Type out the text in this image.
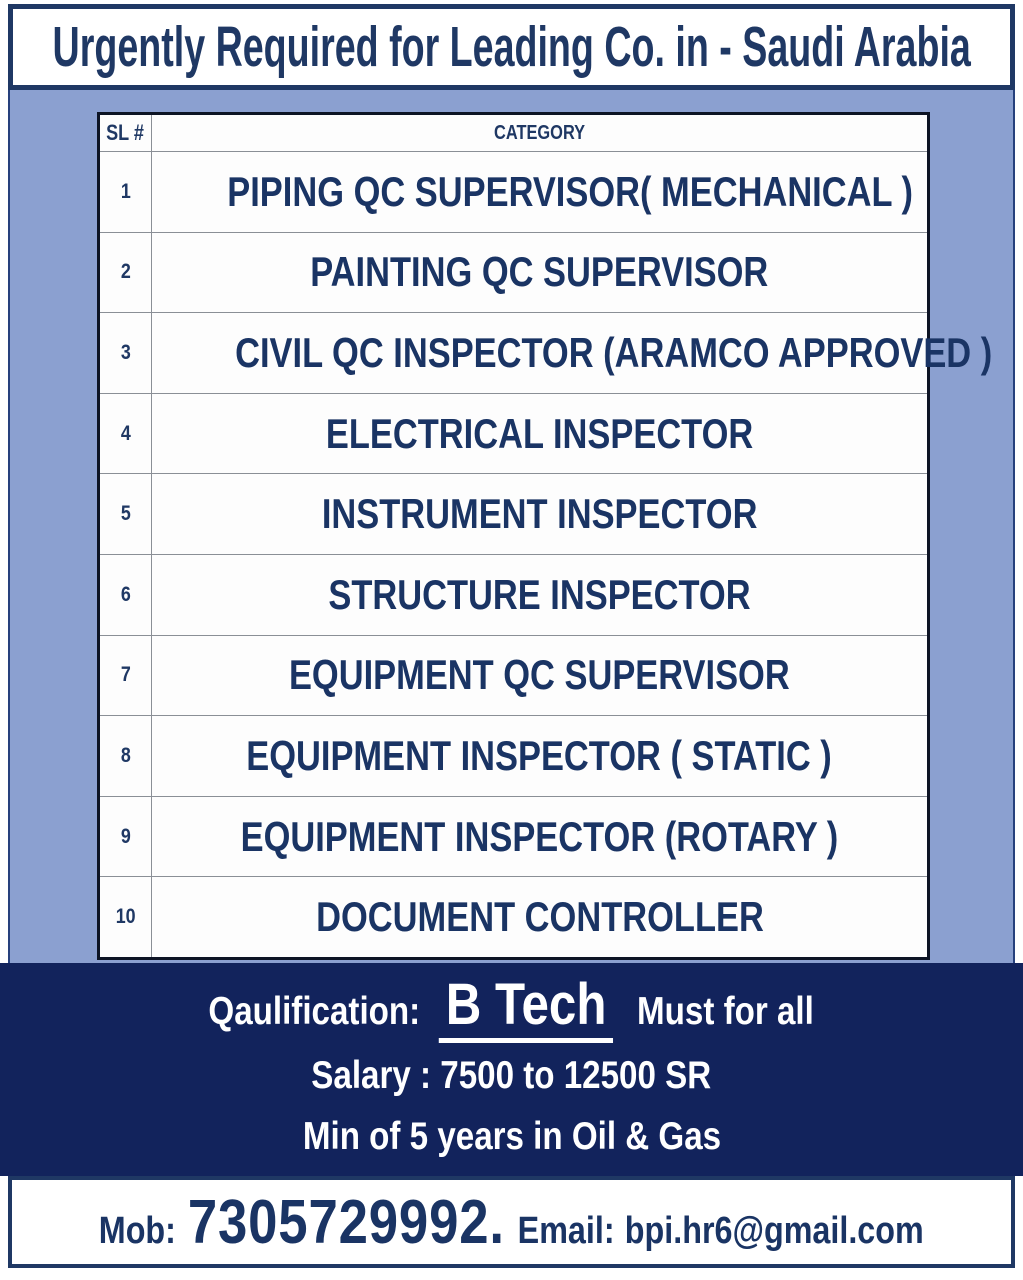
Urgently Required for Leading Co. in - Saudi Arabia
SL #	CATEGORY
1 PIPING QC SUPERVISOR( MECHANICAL )
2	PAINTING QC SUPERVISOR
3 CIVIL QC INSPECTOR (ARAMCO APPROVED )
4	ELECTRICAL INSPECTOR
5	INSTRUMENT INSPECTOR
6	STRUCTURE INSPECTOR
7	EQUIPMENT QC SUPERVISOR
8	EQUIPMENT INSPECTOR ( STATIC )
9	EQUIPMENT INSPECTOR (ROTARY )
10	DOCUMENT CONTROLLER
Qaulification: B Tech Must for all
Salary : 7500 to 12500 SR
Min of 5 years in Oil & Gas
Mob: 7305729992 . Email: bpi.hr6@gmail.com
